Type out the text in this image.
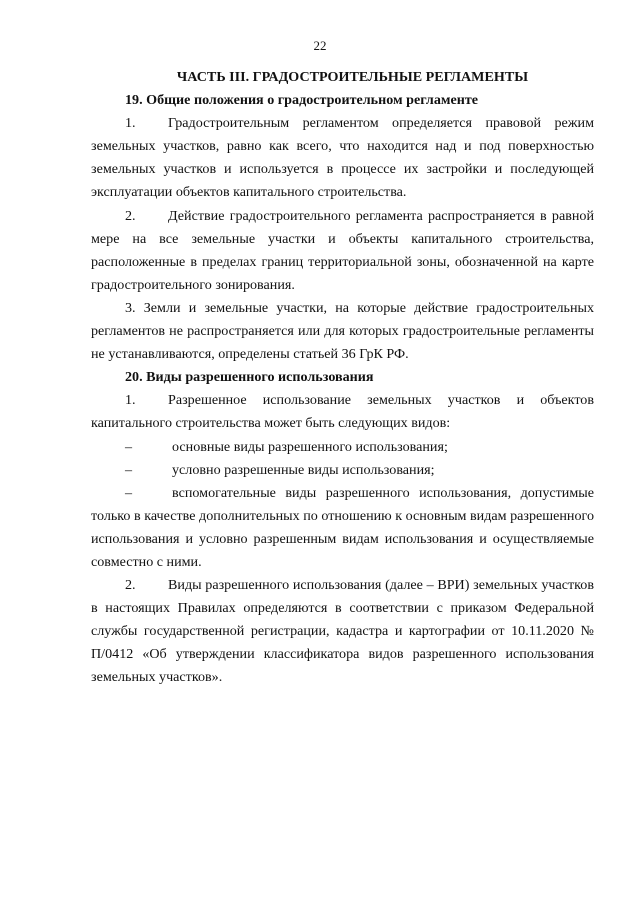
22

ЧАСТЬ III. ГРАДОСТРОИТЕЛЬНЫЕ РЕГЛАМЕНТЫ

19. Общие положения о градостроительном регламенте

1. Градостроительным регламентом определяется правовой режим земельных участков, равно как всего, что находится над и под поверхностью земельных участков и используется в процессе их застройки и последующей эксплуатации объектов капитального строительства.

2. Действие градостроительного регламента распространяется в равной мере на все земельные участки и объекты капитального строительства, расположенные в пределах границ территориальной зоны, обозначенной на карте градостроительного зонирования.

3. Земли и земельные участки, на которые действие градостроительных регламентов не распространяется или для которых градостроительные регламенты не устанавливаются, определены статьей 36 ГрК РФ.

20. Виды разрешенного использования

1. Разрешенное использование земельных участков и объектов капитального строительства может быть следующих видов:

–	основные виды разрешенного использования;

–	условно разрешенные виды использования;

–	вспомогательные виды разрешенного использования, допустимые только в качестве дополнительных по отношению к основным видам разрешенного использования и условно разрешенным видам использования и осуществляемые совместно с ними.

2. Виды разрешенного использования (далее – ВРИ) земельных участков в настоящих Правилах определяются в соответствии с приказом Федеральной службы государственной регистрации, кадастра и картографии от 10.11.2020 № П/0412 «Об утверждении классификатора видов разрешенного использования земельных участков».
